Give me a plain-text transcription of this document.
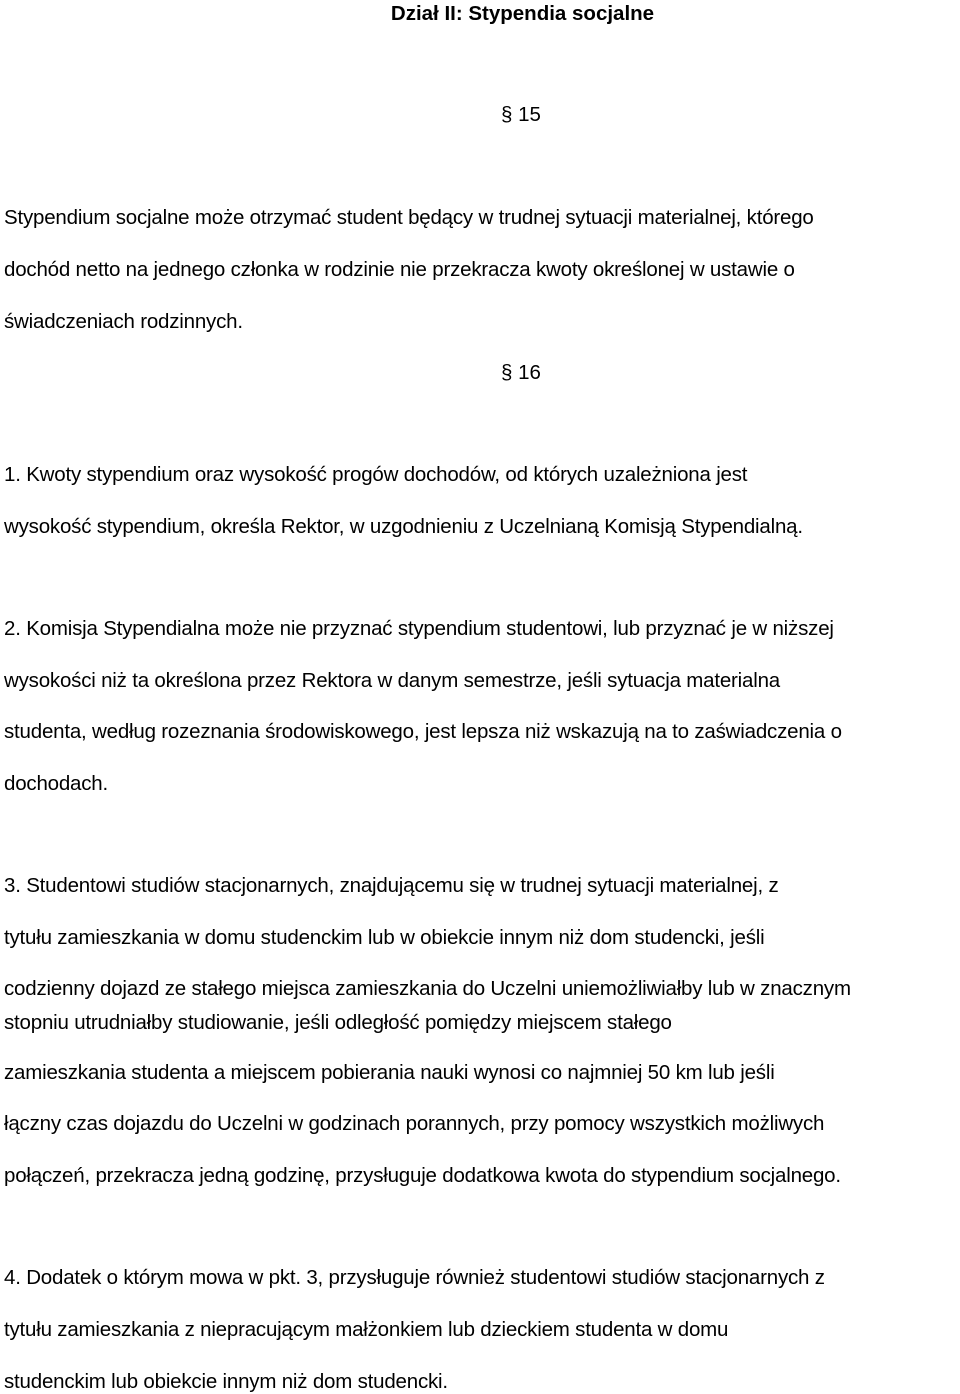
Dział II: Stypendia socjalne
§ 15
Stypendium socjalne może otrzymać student będący w trudnej sytuacji materialnej, którego
dochód netto na jednego członka w rodzinie nie przekracza kwoty określonej w ustawie o
świadczeniach rodzinnych.
§ 16
1. Kwoty stypendium oraz wysokość progów dochodów, od których uzależniona jest
wysokość stypendium, określa Rektor, w uzgodnieniu z Uczelnianą Komisją Stypendialną.
2. Komisja Stypendialna może nie przyznać stypendium studentowi, lub przyznać je w niższej
wysokości niż ta określona przez Rektora w danym semestrze, jeśli sytuacja materialna
studenta, według rozeznania środowiskowego, jest lepsza niż wskazują na to zaświadczenia o
dochodach.
3. Studentowi studiów stacjonarnych, znajdującemu się w trudnej sytuacji materialnej, z
tytułu zamieszkania w domu studenckim lub w obiekcie innym niż dom studencki, jeśli
codzienny dojazd ze stałego miejsca zamieszkania do Uczelni uniemożliwiałby lub w znacznym
stopniu utrudniałby studiowanie, jeśli odległość pomiędzy miejscem stałego
zamieszkania studenta a miejscem pobierania nauki wynosi co najmniej 50 km lub jeśli
łączny czas dojazdu do Uczelni w godzinach porannych, przy pomocy wszystkich możliwych
połączeń, przekracza jedną godzinę, przysługuje dodatkowa kwota do stypendium socjalnego.
4. Dodatek o którym mowa w pkt. 3, przysługuje również studentowi studiów stacjonarnych z
tytułu zamieszkania z niepracującym małżonkiem lub dzieckiem studenta w domu
studenckim lub obiekcie innym niż dom studencki.
